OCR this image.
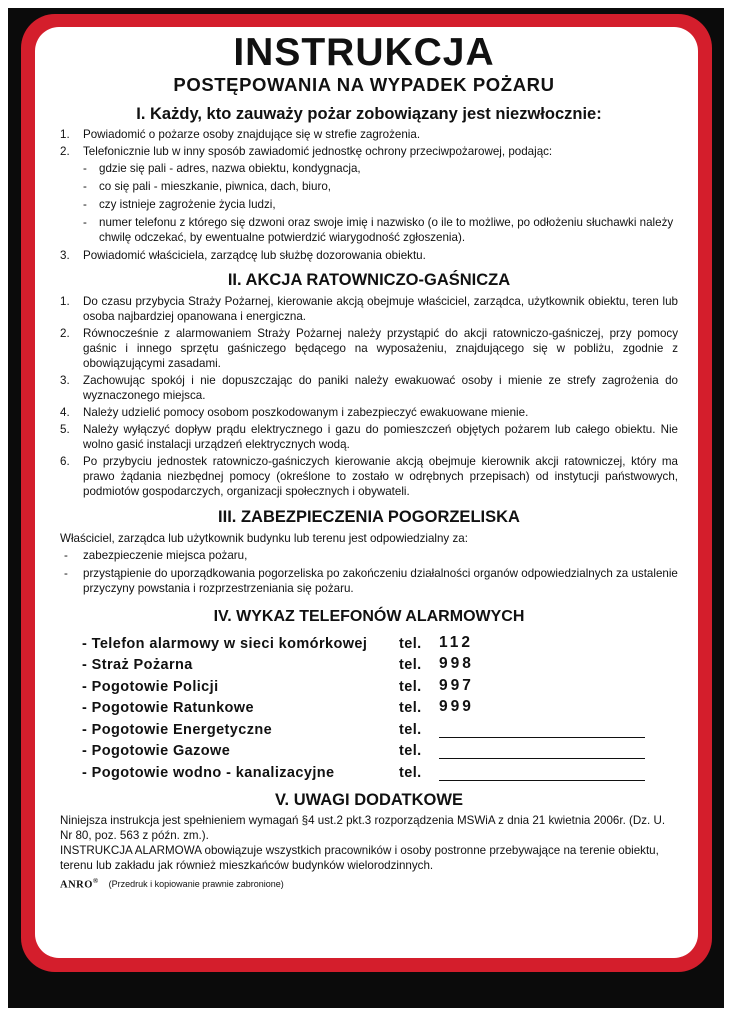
INSTRUKCJA
POSTĘPOWANIA NA WYPADEK POŻARU
I. Każdy, kto zauważy pożar zobowiązany jest niezwłocznie:
1. Powiadomić o pożarze osoby znajdujące się w strefie zagrożenia.
2. Telefonicznie lub w inny sposób zawiadomić jednostkę ochrony przeciwpożarowej, podając:
- gdzie się pali - adres, nazwa obiektu, kondygnacja,
- co się pali - mieszkanie, piwnica, dach, biuro,
- czy istnieje zagrożenie życia ludzi,
- numer telefonu z którego się dzwoni oraz swoje imię i nazwisko (o ile to możliwe, po odłożeniu słuchawki należy chwilę odczekać, by ewentualne potwierdzić wiarygodność zgłoszenia).
3. Powiadomić właściciela, zarządcę lub służbę dozorowania obiektu.
II. AKCJA RATOWNICZO-GAŚNICZA
1. Do czasu przybycia Straży Pożarnej, kierowanie akcją obejmuje właściciel, zarządca, użytkownik obiektu, teren lub osoba najbardziej opanowana i energiczna.
2. Równocześnie z alarmowaniem Straży Pożarnej należy przystąpić do akcji ratowniczo-gaśniczej, przy pomocy gaśnic i innego sprzętu gaśniczego będącego na wyposażeniu, znajdującego się w pobliżu, zgodnie z obowiązującymi zasadami.
3. Zachowując spokój i nie dopuszczając do paniki należy ewakuować osoby i mienie ze strefy zagrożenia do wyznaczonego miejsca.
4. Należy udzielić pomocy osobom poszkodowanym i zabezpieczyć ewakuowane mienie.
5. Należy wyłączyć dopływ prądu elektrycznego i gazu do pomieszczeń objętych pożarem lub całego obiektu. Nie wolno gasić instalacji urządzeń elektrycznych wodą.
6. Po przybyciu jednostek ratowniczo-gaśniczych kierowanie akcją obejmuje kierownik akcji ratowniczej, który ma prawo żądania niezbędnej pomocy (określone to zostało w odrębnych przepisach) od instytucji państwowych, podmiotów gospodarczych, organizacji społecznych i obywateli.
III. ZABEZPIECZENIA POGORZELISKA
Właściciel, zarządca lub użytkownik budynku lub terenu jest odpowiedzialny za:
- zabezpieczenie miejsca pożaru,
- przystąpienie do uporządkowania pogorzeliska po zakończeniu działalności organów odpowiedzialnych za ustalenie przyczyny powstania i rozprzestrzeniania się pożaru.
IV. WYKAZ TELEFONÓW ALARMOWYCH
- Telefon alarmowy w sieci komórkowej	tel.	112
- Straż Pożarna	tel.	998
- Pogotowie Policji	tel.	997
- Pogotowie Ratunkowe	tel.	999
- Pogotowie Energetyczne	tel.
- Pogotowie Gazowe	tel.
- Pogotowie wodno - kanalizacyjne	tel.
V. UWAGI DODATKOWE

Niniejsza instrukcja jest spełnieniem wymagań §4 ust.2 pkt.3 rozporządzenia MSWiA z dnia 21 kwietnia 2006r. (Dz. U. Nr 80, poz. 563 z późn. zm.).

INSTRUKCJA ALARMOWA obowiązuje wszystkich pracowników i osoby postronne przebywające na terenie obiektu, terenu lub zakładu jak również mieszkańców budynków wielorodzinnych.

ANRO® (Przedruk i kopiowanie prawnie zabronione)
